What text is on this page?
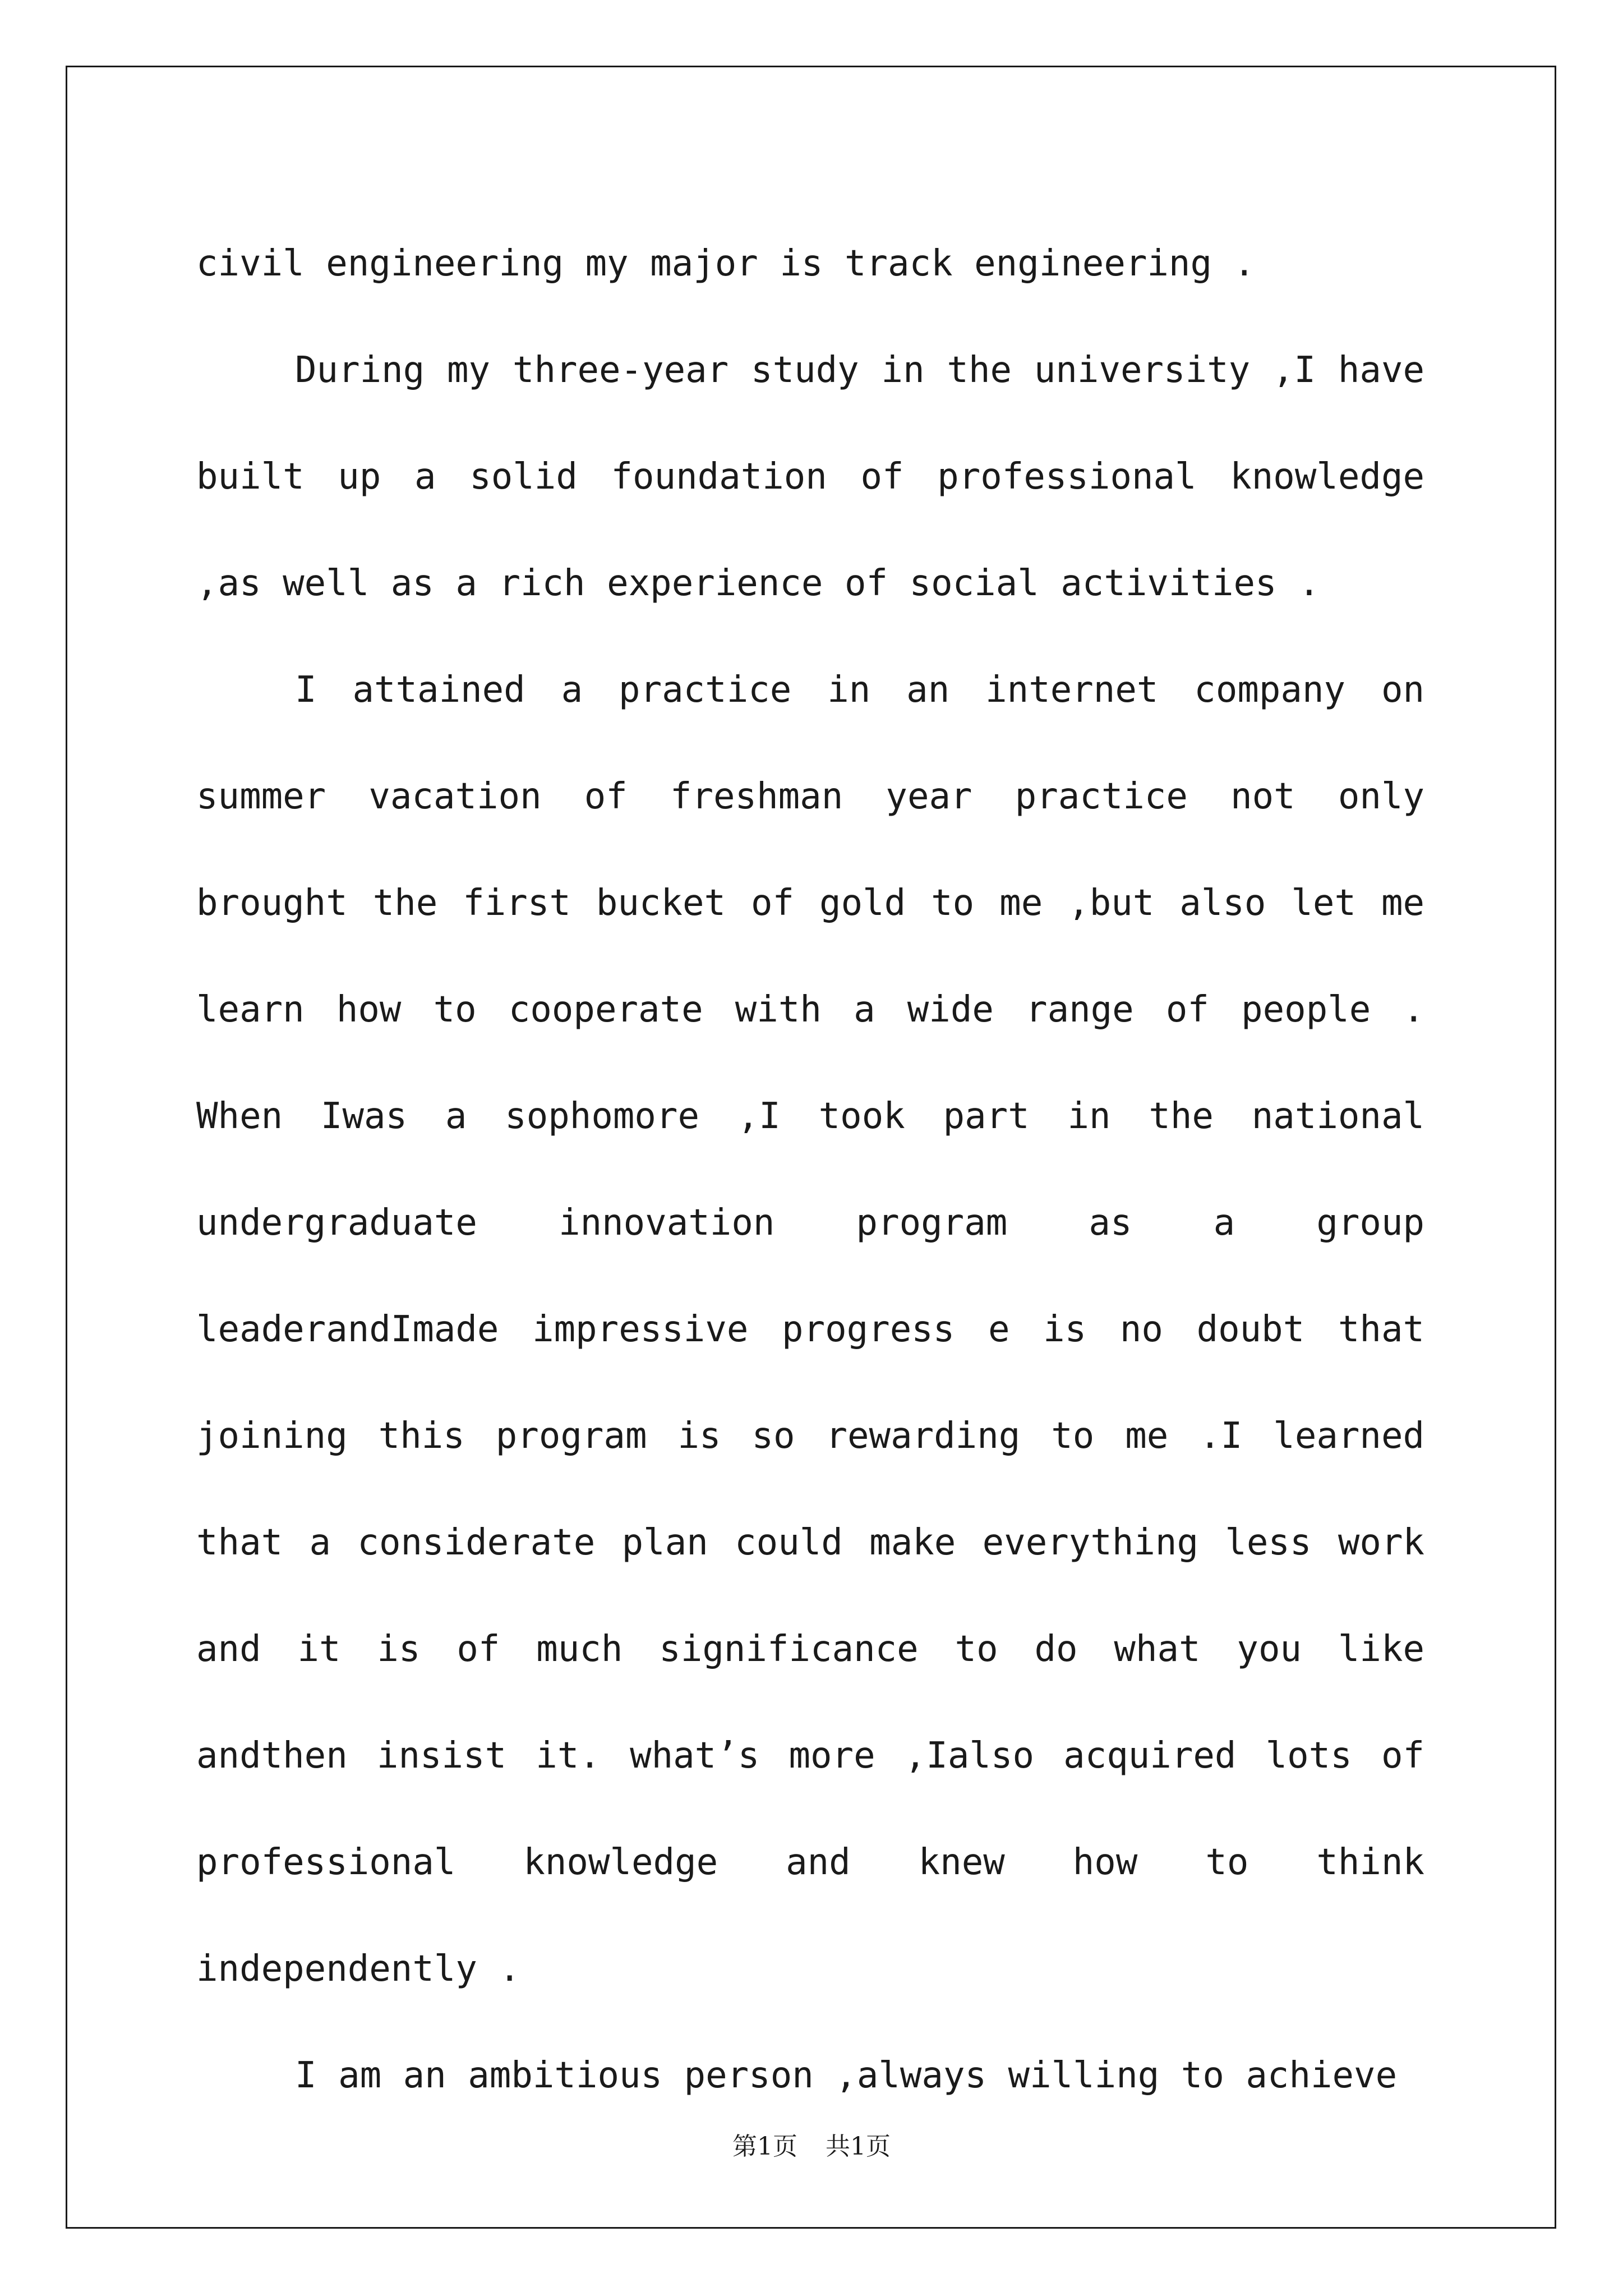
civil engineering my major is track engineering .

During my three-year study in the university ,I have built up a solid foundation of professional knowledge ,as well as a rich experience of social activities .

I attained a practice in an internet company on summer vacation of freshman year practice not only brought the first bucket of gold to me ,but also let me learn how to cooperate with a wide range of people . When Iwas a sophomore ,I took part in the national undergraduate innovation program as a group leaderandImade impressive progress e is no doubt that joining this program is so rewarding to me .I learned that a considerate plan could make everything less work and it is of much significance to do what you like andthen insist it. what’s more ,Ialso acquired lots of professional knowledge and knew how to think independently .

I am an ambitious person ,always willing to achieve

第1页 共1页
